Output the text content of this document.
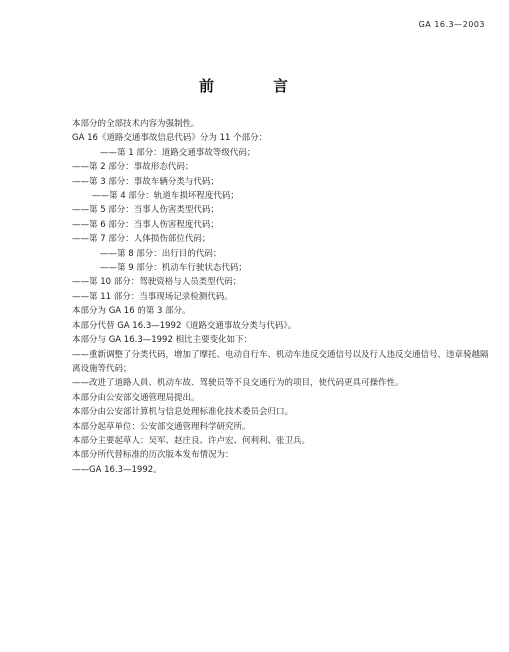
GA 16.3—2003
前　言
本部分的全部技术内容为强制性。
GA 16《道路交通事故信息代码》分为 11 个部分：
——第 1 部分：道路交通事故等级代码；
——第 2 部分：事故形态代码；
——第 3 部分：事故车辆分类与代码；
——第 4 部分：轨道车损坏程度代码；
——第 5 部分：当事人伤害类型代码；
——第 6 部分：当事人伤害程度代码；
——第 7 部分：人体损伤部位代码；
——第 8 部分：出行目的代码；
——第 9 部分：机动车行驶状态代码；
——第 10 部分：驾驶资格与人员类型代码；
——第 11 部分：当事现场记录检测代码。
本部分为 GA 16 的第 3 部分。
本部分代替 GA 16.3—1992《道路交通事故分类与代码》。
本部分与 GA 16.3—1992 相比主要变化如下：
——重新调整了分类代码，增加了摩托、电动自行车、机动车违反交通信号以及行人违反交通信号、违章骑越隔离设施等代码；
——改进了道路人員、机动车故、驾驶员等不良交通行为的项目，使代码更具可操作性。
本部分由公安部交通管理局提出。
本部分由公安部计算机与信息处理标准化技术委员会归口。
本部分起草单位：公安部交通管理科学研究所。
本部分主要起草人：吴军、赵庄良、许卢宏、何利利、张卫兵。
本部分所代替标准的历次版本发布情况为：
——GA 16.3—1992。
